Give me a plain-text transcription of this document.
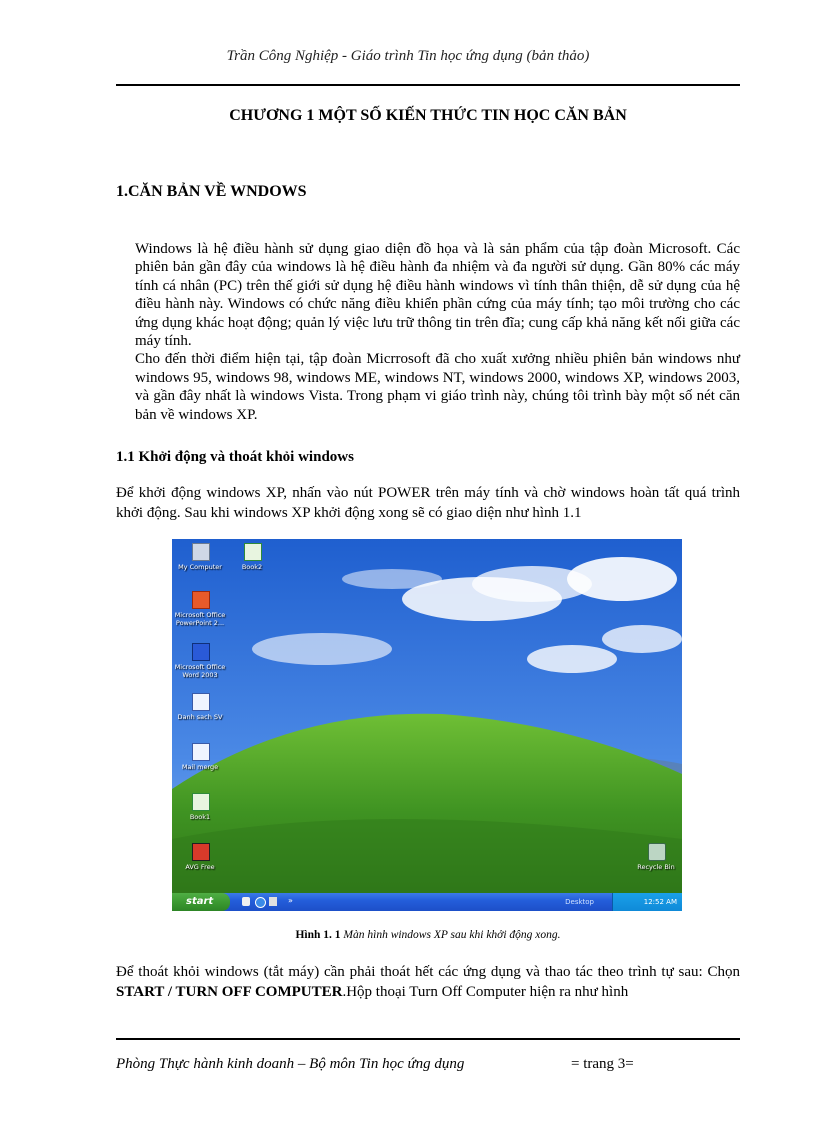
Trần Công Nghiệp - Giáo trình Tin học ứng dụng (bản thảo)
CHƯƠNG 1 MỘT SỐ KIẾN THỨC TIN HỌC CĂN BẢN
1.CĂN BẢN VỀ WNDOWS

Windows là hệ điều hành sử dụng giao diện đồ họa và là sản phẩm của tập đoàn Microsoft. Các phiên bản gần đây của windows là hệ điều hành đa nhiệm và đa người sử dụng. Gần 80% các máy tính cá nhân (PC) trên thế giới sử dụng hệ điều hành windows vì tính thân thiện, dễ sử dụng của hệ điều hành này. Windows có chức năng điều khiển phần cứng của máy tính; tạo môi trường cho các ứng dụng khác hoạt động; quản lý việc lưu trữ thông tin trên đĩa; cung cấp khả năng kết nối giữa các máy tính.

Cho đến thời điểm hiện tại, tập đoàn Micrrosoft đã cho xuất xưởng nhiều phiên bản windows như windows 95, windows 98, windows ME, windows NT, windows 2000, windows XP, windows 2003, và gần đây nhất là windows Vista. Trong phạm vi giáo trình này, chúng tôi trình bày một số nét căn bản về windows XP.

1.1 Khởi động và thoát khỏi windows
Để khởi động windows XP, nhấn vào nút POWER trên máy tính và chờ windows hoàn tất quá trình khởi động. Sau khi windows XP khởi động xong sẽ có giao diện như hình 1.1
My Computer	Book2
Microsoft Office PowerPoint 2...
Microsoft Office Word 2003
Danh sach SV
Mail merge
Book1
AVG Free	Recycle Bin
start	»	Desktop	12:52 AM
Hình 1. 1 Màn hình windows XP sau khi khởi động xong.
Để thoát khỏi windows (tắt máy) cần phải thoát hết các ứng dụng và thao tác theo trình tự sau: Chọn START / TURN OFF COMPUTER.Hộp thoại Turn Off Computer hiện ra như hình
Phòng Thực hành kinh doanh – Bộ môn Tin học ứng dụng	= trang 3=
